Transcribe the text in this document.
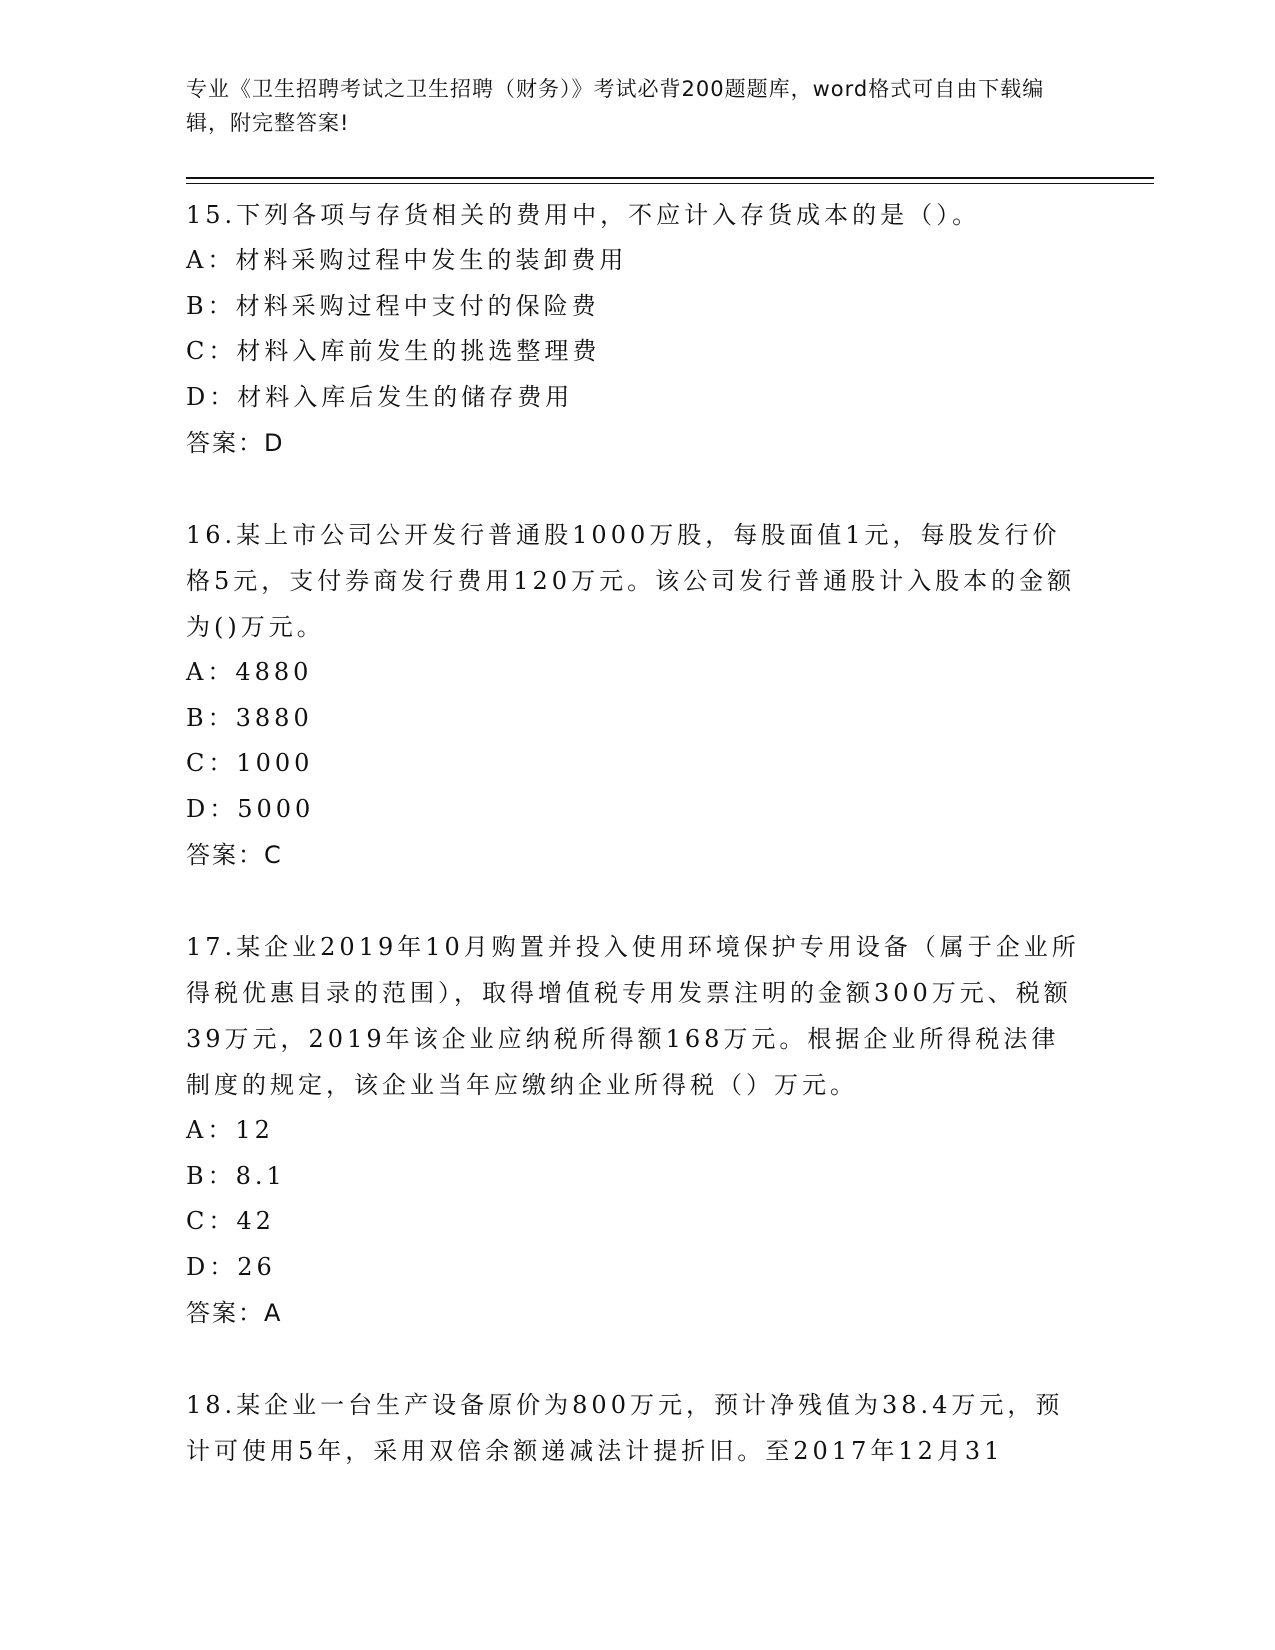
专业《卫生招聘考试之卫生招聘（财务）》考试必背200题题库，word格式可自由下载编辑，附完整答案!

15.下列各项与存货相关的费用中，不应计入存货成本的是（）。

A：材料采购过程中发生的装卸费用

B：材料采购过程中支付的保险费

C：材料入库前发生的挑选整理费

D：材料入库后发生的储存费用

答案：D

16.某上市公司公开发行普通股1000万股，每股面值1元，每股发行价格5元，支付券商发行费用120万元。该公司发行普通股计入股本的金额为()万元。

A：4880

B：3880

C：1000

D：5000

答案：C

17.某企业2019年10月购置并投入使用环境保护专用设备（属于企业所得税优惠目录的范围），取得增值税专用发票注明的金额300万元、税额39万元，2019年该企业应纳税所得额168万元。根据企业所得税法律制度的规定，该企业当年应缴纳企业所得税（）万元。

A：12

B：8.1

C：42

D：26

答案：A

18.某企业一台生产设备原价为800万元，预计净残值为38.4万元，预计可使用5年，采用双倍余额递减法计提折旧。至2017年12月31
